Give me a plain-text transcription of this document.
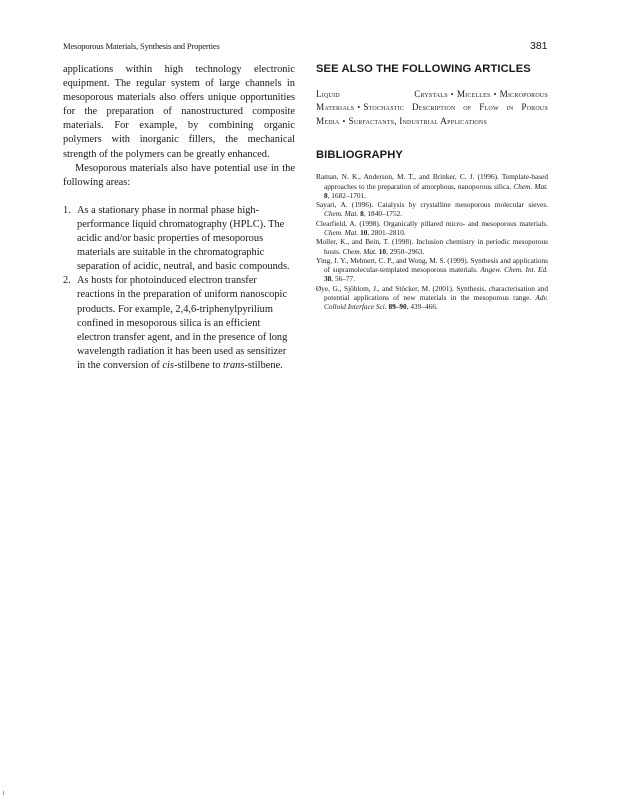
Mesoporous Materials, Synthesis and Properties	381

applications within high technology electronic equipment. The regular system of large channels in mesoporous materials also offers unique opportunities for the preparation of nanostructured composite materials. For example, by combining organic polymers with inorganic fillers, the mechanical strength of the polymers can be greatly enhanced.

Mesoporous materials also have potential use in the following areas:

1. As a stationary phase in normal phase high-performance liquid chromatography (HPLC). The acidic and/or basic properties of mesoporous materials are suitable in the chromatographic separation of acidic, neutral, and basic compounds.
2. As hosts for photoinduced electron transfer reactions in the preparation of uniform nanoscopic products. For example, 2,4,6-triphenylpyrilium confined in mesoporous silica is an efficient electron transfer agent, and in the presence of long wavelength radiation it has been used as sensitizer in the conversion of cis-stilbene to trans-stilbene.
SEE ALSO THE FOLLOWING ARTICLES
Liquid Crystals • Micelles • Microporous Materials • Stochastic Description of Flow in Porous Media • Surfactants, Industrial Applications
BIBLIOGRAPHY

Raman, N. K., Anderson, M. T., and Brinker, C. J. (1996). Template-based approaches to the preparation of amorphous, nanoporous silica. Chem. Mat. 8, 1682–1701.

Sayari, A. (1996). Catalysis by crystalline mesoporous molecular sieves. Chem. Mat. 8, 1840–1752.

Clearfield, A. (1998). Organically pillared micro- and mesoporous materials. Chem. Mat. 10, 2801–2810.

Moller, K., and Bein, T. (1998). Inclusion chemistry in periodic mesoporous hosts. Chem. Mat. 10, 2950–2963.

Ying, J. Y., Mehnert, C. P., and Wong, M. S. (1999). Synthesis and applications of supramolecular-templated mesoporous materials. Angew. Chem. Int. Ed. 38, 56–77.

Øye, G., Sjöblom, J., and Stöcker, M. (2001). Synthesis, characterisation and potential applications of new materials in the mesoporous range. Adv. Colloid Interface Sci. 89–90, 439–466.
